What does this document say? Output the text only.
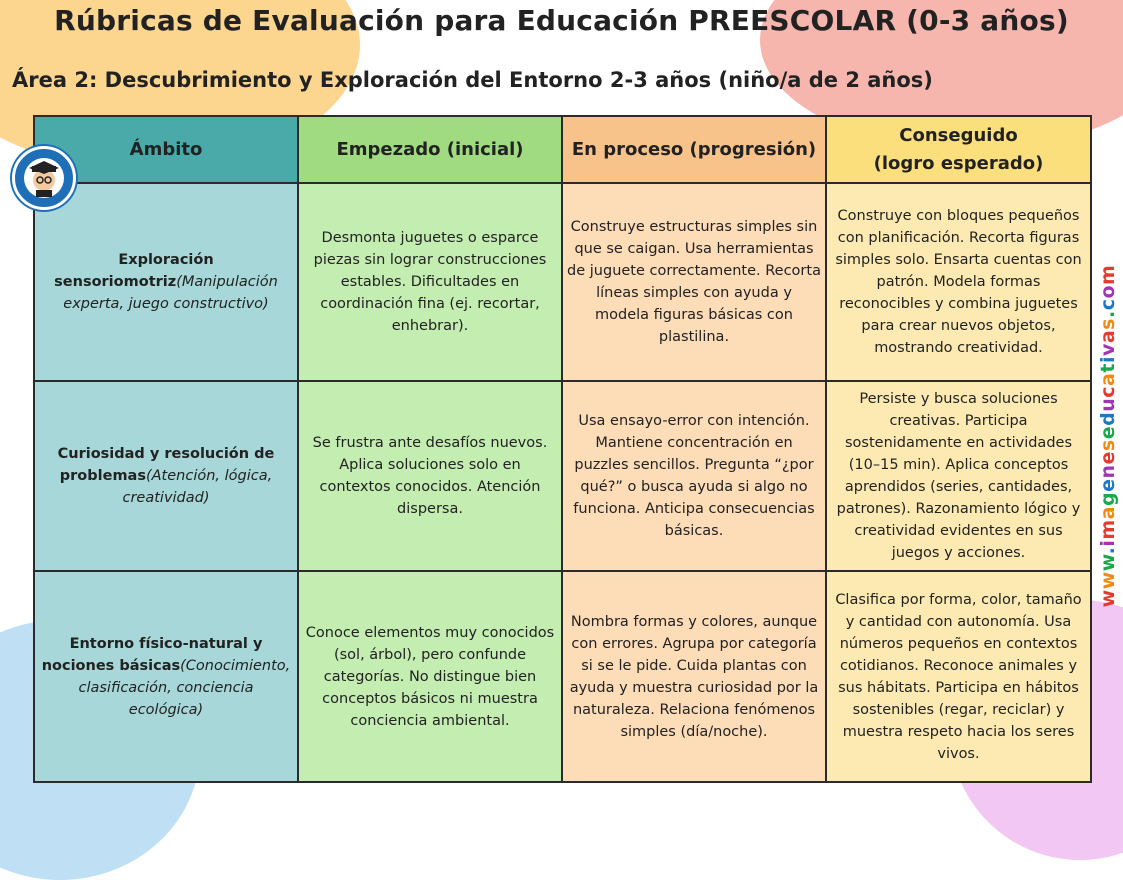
Rúbricas de Evaluación para Educación PREESCOLAR (0-3 años)
Área 2: Descubrimiento y Exploración del Entorno 2-3 años (niño/a de 2 años)
www.imageneseducativas.com
Ámbito	Empezado (inicial)	En proceso (progresión)	Conseguido
(logro esperado)
Exploración sensoriomotriz(Manipulación experta, juego constructivo)	Desmonta juguetes o esparce piezas sin lograr construcciones estables. Dificultades en coordinación fina (ej. recortar, enhebrar).	Construye estructuras simples sin que se caigan. Usa herramientas de juguete correctamente. Recorta líneas simples con ayuda y modela figuras básicas con plastilina.	Construye con bloques pequeños con planificación. Recorta figuras simples solo. Ensarta cuentas con patrón. Modela formas reconocibles y combina juguetes para crear nuevos objetos, mostrando creatividad.
Curiosidad y resolución de problemas(Atención, lógica, creatividad)	Se frustra ante desafíos nuevos. Aplica soluciones solo en contextos conocidos. Atención dispersa.	Usa ensayo-error con intención. Mantiene concentración en puzzles sencillos. Pregunta “¿por qué?” o busca ayuda si algo no funciona. Anticipa consecuencias básicas.	Persiste y busca soluciones creativas. Participa sostenidamente en actividades (10–15 min). Aplica conceptos aprendidos (series, cantidades, patrones). Razonamiento lógico y creatividad evidentes en sus juegos y acciones.
Entorno físico-natural y nociones básicas(Conocimiento, clasificación, conciencia ecológica)	Conoce elementos muy conocidos (sol, árbol), pero confunde categorías. No distingue bien conceptos básicos ni muestra conciencia ambiental.	Nombra formas y colores, aunque con errores. Agrupa por categoría si se le pide. Cuida plantas con ayuda y muestra curiosidad por la naturaleza. Relaciona fenómenos simples (día/noche).	Clasifica por forma, color, tamaño y cantidad con autonomía. Usa números pequeños en contextos cotidianos. Reconoce animales y sus hábitats. Participa en hábitos sostenibles (regar, reciclar) y muestra respeto hacia los seres vivos.
